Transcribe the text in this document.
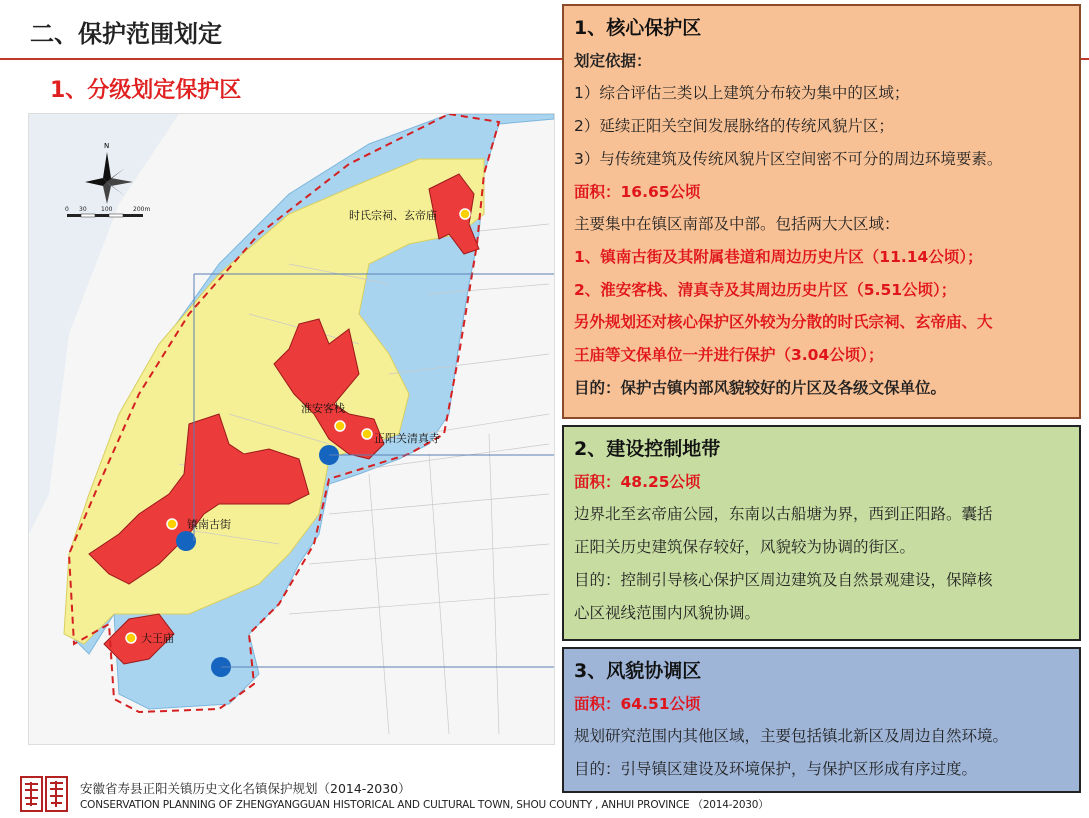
二、保护范围划定
1、分级划定保护区
时氏宗祠、玄帝庙
淮安客栈
正阳关清真寺
镇南古街
大王庙
N
0 30 100	200m
1、核心保护区
划定依据：
1）综合评估三类以上建筑分布较为集中的区域；
2）延续正阳关空间发展脉络的传统风貌片区；
3）与传统建筑及传统风貌片区空间密不可分的周边环境要素。
面积：16.65公顷
主要集中在镇区南部及中部。包括两大大区域：
1、镇南古街及其附属巷道和周边历史片区（11.14公顷）；
2、淮安客栈、清真寺及其周边历史片区（5.51公顷）；
另外规划还对核心保护区外较为分散的时氏宗祠、玄帝庙、大
王庙等文保单位一并进行保护（3.04公顷）；
目的：保护古镇内部风貌较好的片区及各级文保单位。
2、建设控制地带
面积：48.25公顷
边界北至玄帝庙公园，东南以古船塘为界，西到正阳路。囊括
正阳关历史建筑保存较好，风貌较为协调的街区。
目的：控制引导核心保护区周边建筑及自然景观建设，保障核
心区视线范围内风貌协调。
3、风貌协调区
面积：64.51公顷
规划研究范围内其他区域，主要包括镇北新区及周边自然环境。
目的：引导镇区建设及环境保护，与保护区形成有序过度。
安徽省寿县正阳关镇历史文化名镇保护规划（2014-2030）
CONSERVATION PLANNING OF ZHENGYANGGUAN HISTORICAL AND CULTURAL TOWN, SHOU COUNTY , ANHUI PROVINCE （2014-2030）
